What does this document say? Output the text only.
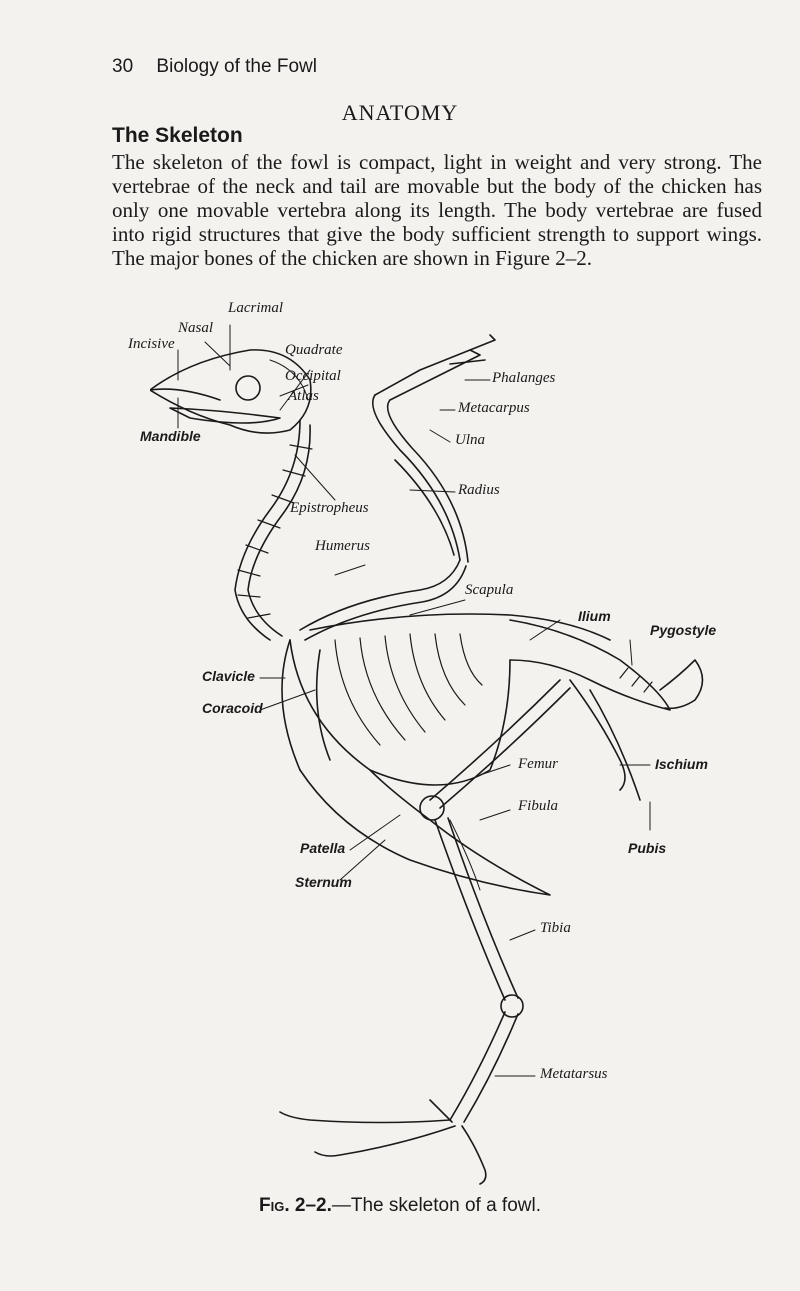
30 Biology of the Fowl
ANATOMY
The Skeleton
The skeleton of the fowl is compact, light in weight and very strong. The vertebrae of the neck and tail are movable but the body of the chicken has only one movable vertebra along its length. The body vertebrae are fused into rigid structures that give the body sufficient strength to support wings. The major bones of the chicken are shown in Figure 2–2.
Lacrimal
Nasal
Incisive	Quadrate
Occipital
Atlas
Mandible
Phalanges
Metacarpus
Ulna
Radius
Epistropheus
Humerus
Scapula
Ilium
Pygostyle
Clavicle
Coracoid
Ischium
Femur
Fibula
Patella	Pubis
Sternum
Tibia
Metatarsus
Fig. 2–2.—The skeleton of a fowl.
